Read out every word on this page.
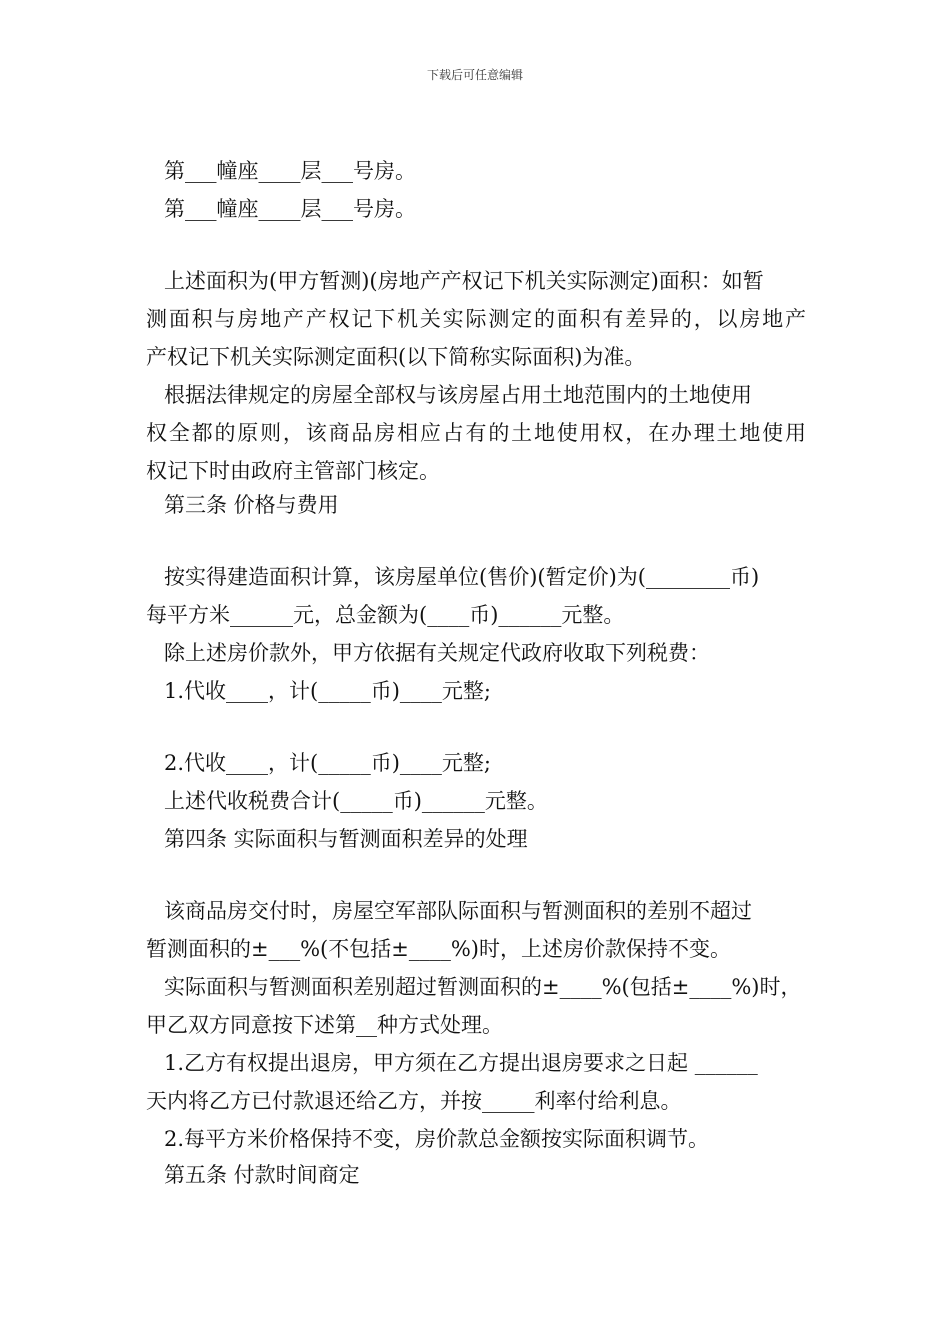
下载后可任意编辑
第___幢座____层___号房。
第___幢座____层___号房。
上述面积为(甲方暂测)(房地产产权记下机关实际测定)面积：如暂
测面积与房地产产权记下机关实际测定的面积有差异的，以房地产
产权记下机关实际测定面积(以下简称实际面积)为准。
根据法律规定的房屋全部权与该房屋占用土地范围内的土地使用
权全都的原则，该商品房相应占有的土地使用权，在办理土地使用
权记下时由政府主管部门核定。
第三条 价格与费用
按实得建造面积计算，该房屋单位(售价)(暂定价)为(________币)
每平方米______元，总金额为(____币)______元整。
除上述房价款外，甲方依据有关规定代政府收取下列税费：
1.代收____，计(_____币)____元整;
2.代收____，计(_____币)____元整;
上述代收税费合计(_____币)______元整。
第四条 实际面积与暂测面积差异的处理
该商品房交付时，房屋空军部队际面积与暂测面积的差别不超过
暂测面积的±___%(不包括±____%)时，上述房价款保持不变。
实际面积与暂测面积差别超过暂测面积的±____%(包括±____%)时，
甲乙双方同意按下述第__种方式处理。
1.乙方有权提出退房，甲方须在乙方提出退房要求之日起 ______
天内将乙方已付款退还给乙方，并按_____利率付给利息。
2.每平方米价格保持不变，房价款总金额按实际面积调节。
第五条 付款时间商定
